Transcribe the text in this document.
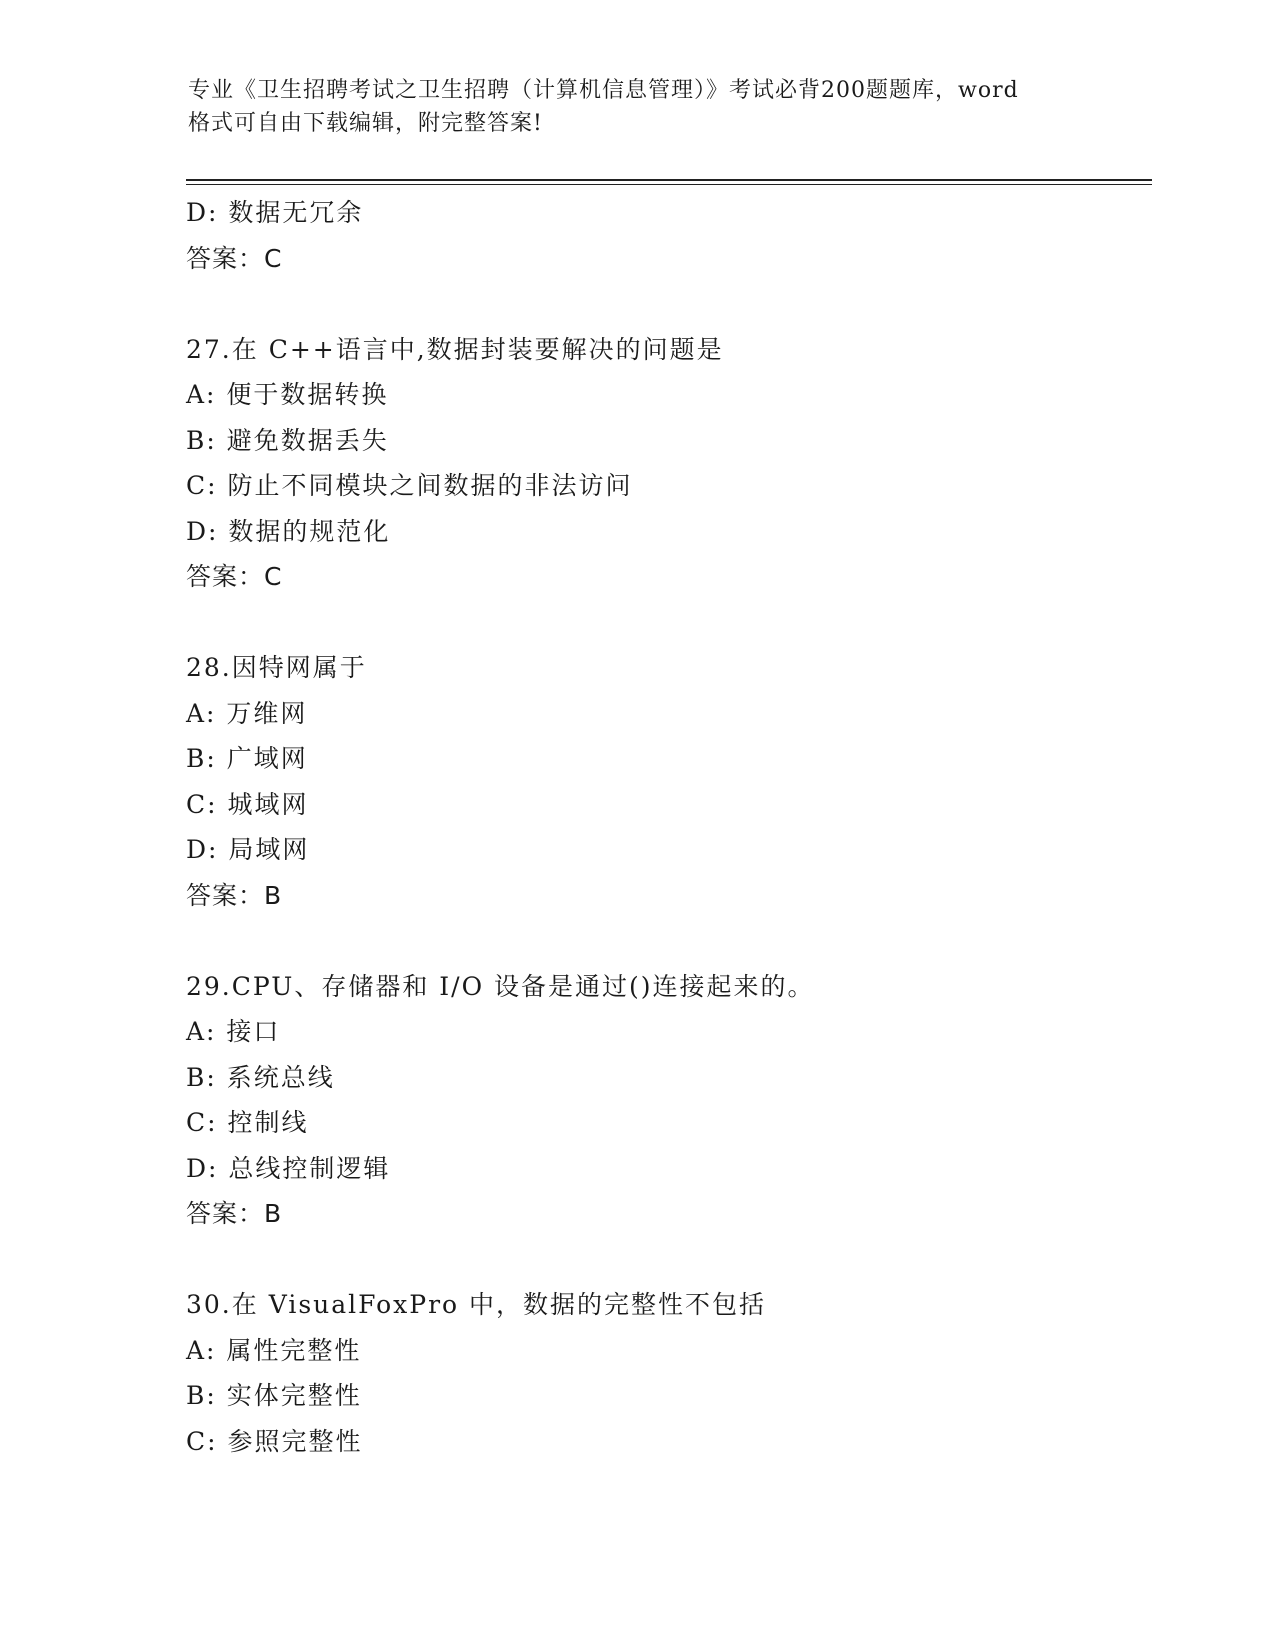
专业《卫生招聘考试之卫生招聘（计算机信息管理）》考试必背200题题库，word
格式可自由下载编辑，附完整答案!
D: 数据无冗余
答案：C
27.在 C++语言中,数据封装要解决的问题是
A: 便于数据转换
B: 避免数据丢失
C: 防止不同模块之间数据的非法访问
D: 数据的规范化
答案：C
28.因特网属于
A: 万维网
B: 广域网
C: 城域网
D: 局域网
答案：B
29.CPU、存储器和 I/O 设备是通过()连接起来的。
A: 接口
B: 系统总线
C: 控制线
D: 总线控制逻辑
答案：B
30.在 VisualFoxPro 中，数据的完整性不包括
A: 属性完整性
B: 实体完整性
C: 参照完整性
